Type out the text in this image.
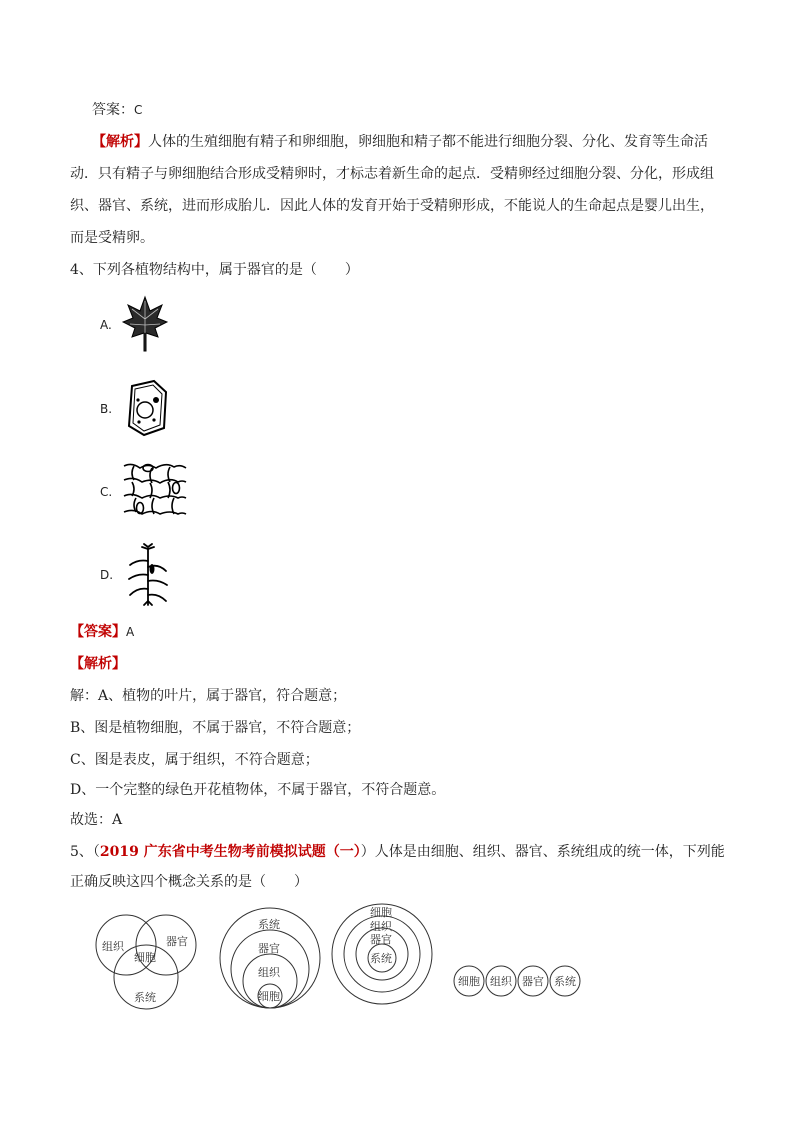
答案：C
【解析】人体的生殖细胞有精子和卵细胞，卵细胞和精子都不能进行细胞分裂、分化、发育等生命活
动．只有精子与卵细胞结合形成受精卵时，才标志着新生命的起点．受精卵经过细胞分裂、分化，形成组
织、器官、系统，进而形成胎儿．因此人体的发育开始于受精卵形成，不能说人的生命起点是婴儿出生，
而是受精卵。
4、下列各植物结构中，属于器官的是（　　）
A.
B.
C.
D.
【答案】A
【解析】
解：A、植物的叶片，属于器官，符合题意；
B、图是植物细胞，不属于器官，不符合题意；
C、图是表皮，属于组织，不符合题意；
D、一个完整的绿色开花植物体，不属于器官，不符合题意。
故选：A
5、（2019 广东省中考生物考前模拟试题（一））人体是由细胞、组织、器官、系统组成的统一体，下列能
正确反映这四个概念关系的是（　　）
组织	器官
细胞
系统
系统
器官
组织
细胞
细胞
组织
器官
系统
细胞 组织 器官 系统
